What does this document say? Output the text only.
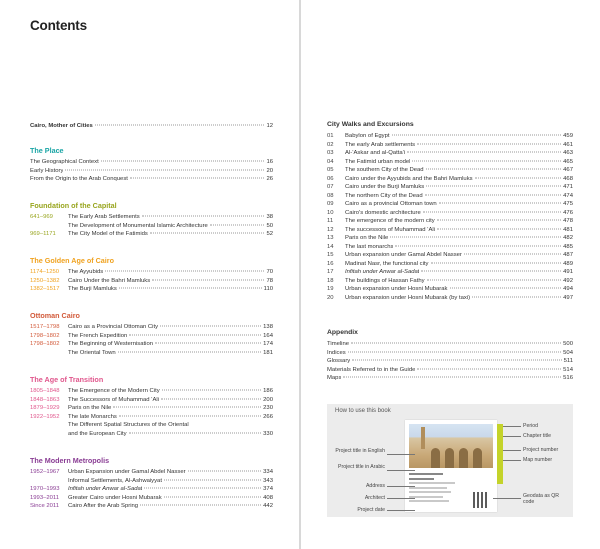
Contents
Cairo, Mother of Cities	12
The Place
The Geographical Context	16
Early History	20
From the Origin to the Arab Conquest	26
Foundation of the Capital
641–969	The Early Arab Settlements	38
The Development of Monumental Islamic Architecture	50
969–1171	The City Model of the Fatimids	52
The Golden Age of Cairo
1174–1250	The Ayyubids	70
1250–1382	Cairo Under the Bahri Mamluks	78
1382–1517	The Burji Mamluks	110
Ottoman Cairo
1517–1798	Cairo as a Provincial Ottoman City	138
1798–1802	The French Expedition	164
1798–1802	The Beginning of Westernisation	174
The Oriental Town	181
The Age of Transition
1805–1848	The Emergence of the Modern City	186
1848–1863	The Successors of Muhammad ‘Ali	200
1879–1929	Paris on the Nile	230
1922–1952	The late Monarchs	266
The Different Spatial Structures of the Oriental
and the European City	330
The Modern Metropolis
1952–1967	Urban Expansion under Gamal Abdel Nasser	334
Informal Settlements, Al-Ashwaiyyat	343
1970–1993	Infitah under Anwar al-Sadat	374
1993–2011	Greater Cairo under Hosni Mubarak	408
Since 2011	Cairo After the Arab Spring	442
City Walks and Excursions
01	Babylon of Egypt	459
02	The early Arab settlements	461
03	Al-‘Askar and al-Qatta‘i	463
04	The Fatimid urban model	465
05	The southern City of the Dead	467
06	Cairo under the Ayyubids and the Bahri Mamluks	468
07	Cairo under the Burji Mamluks	471
08	The northern City of the Dead	474
09	Cairo as a provincial Ottoman town	475
10	Cairo's domestic architecture	476
11	The emergence of the modern city	478
12	The successors of Muhammad ‘Ali	481
13	Paris on the Nile	482
14	The last monarchs	485
15	Urban expansion under Gamal Abdel Nasser	487
16	Madinat Nasr, the functional city	489
17	Infitah under Anwar al-Sadat	491
18	The buildings of Hassan Fathy	492
19	Urban expansion under Hosni Mubarak	494
20	Urban expansion under Hosni Mubarak (by taxi)	497
Appendix
Timeline	500
Indices	504
Glossary	511
Materials Referred to in the Guide	514
Maps	516
How to use this book
Project title in English
Project title in Arabic
Address
Architect
Project date
Period
Chapter title
Project number
Map number
Geodata as QR code
